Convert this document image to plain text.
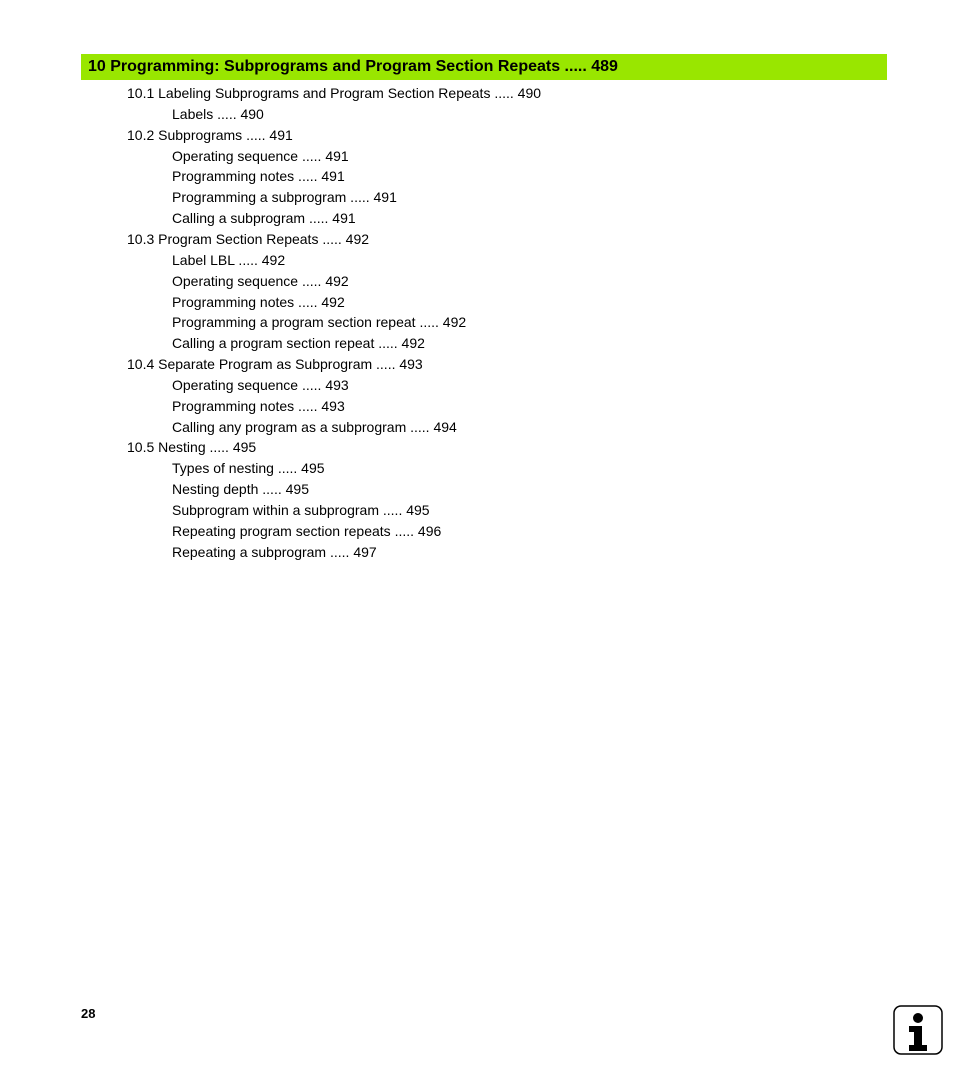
10 Programming: Subprograms and Program Section Repeats ..... 489
10.1 Labeling Subprograms and Program Section Repeats ..... 490
Labels ..... 490
10.2 Subprograms ..... 491
Operating sequence ..... 491
Programming notes ..... 491
Programming a subprogram ..... 491
Calling a subprogram ..... 491
10.3 Program Section Repeats ..... 492
Label LBL ..... 492
Operating sequence ..... 492
Programming notes ..... 492
Programming a program section repeat ..... 492
Calling a program section repeat ..... 492
10.4 Separate Program as Subprogram ..... 493
Operating sequence ..... 493
Programming notes ..... 493
Calling any program as a subprogram ..... 494
10.5 Nesting ..... 495
Types of nesting ..... 495
Nesting depth ..... 495
Subprogram within a subprogram ..... 495
Repeating program section repeats ..... 496
Repeating a subprogram ..... 497
28
